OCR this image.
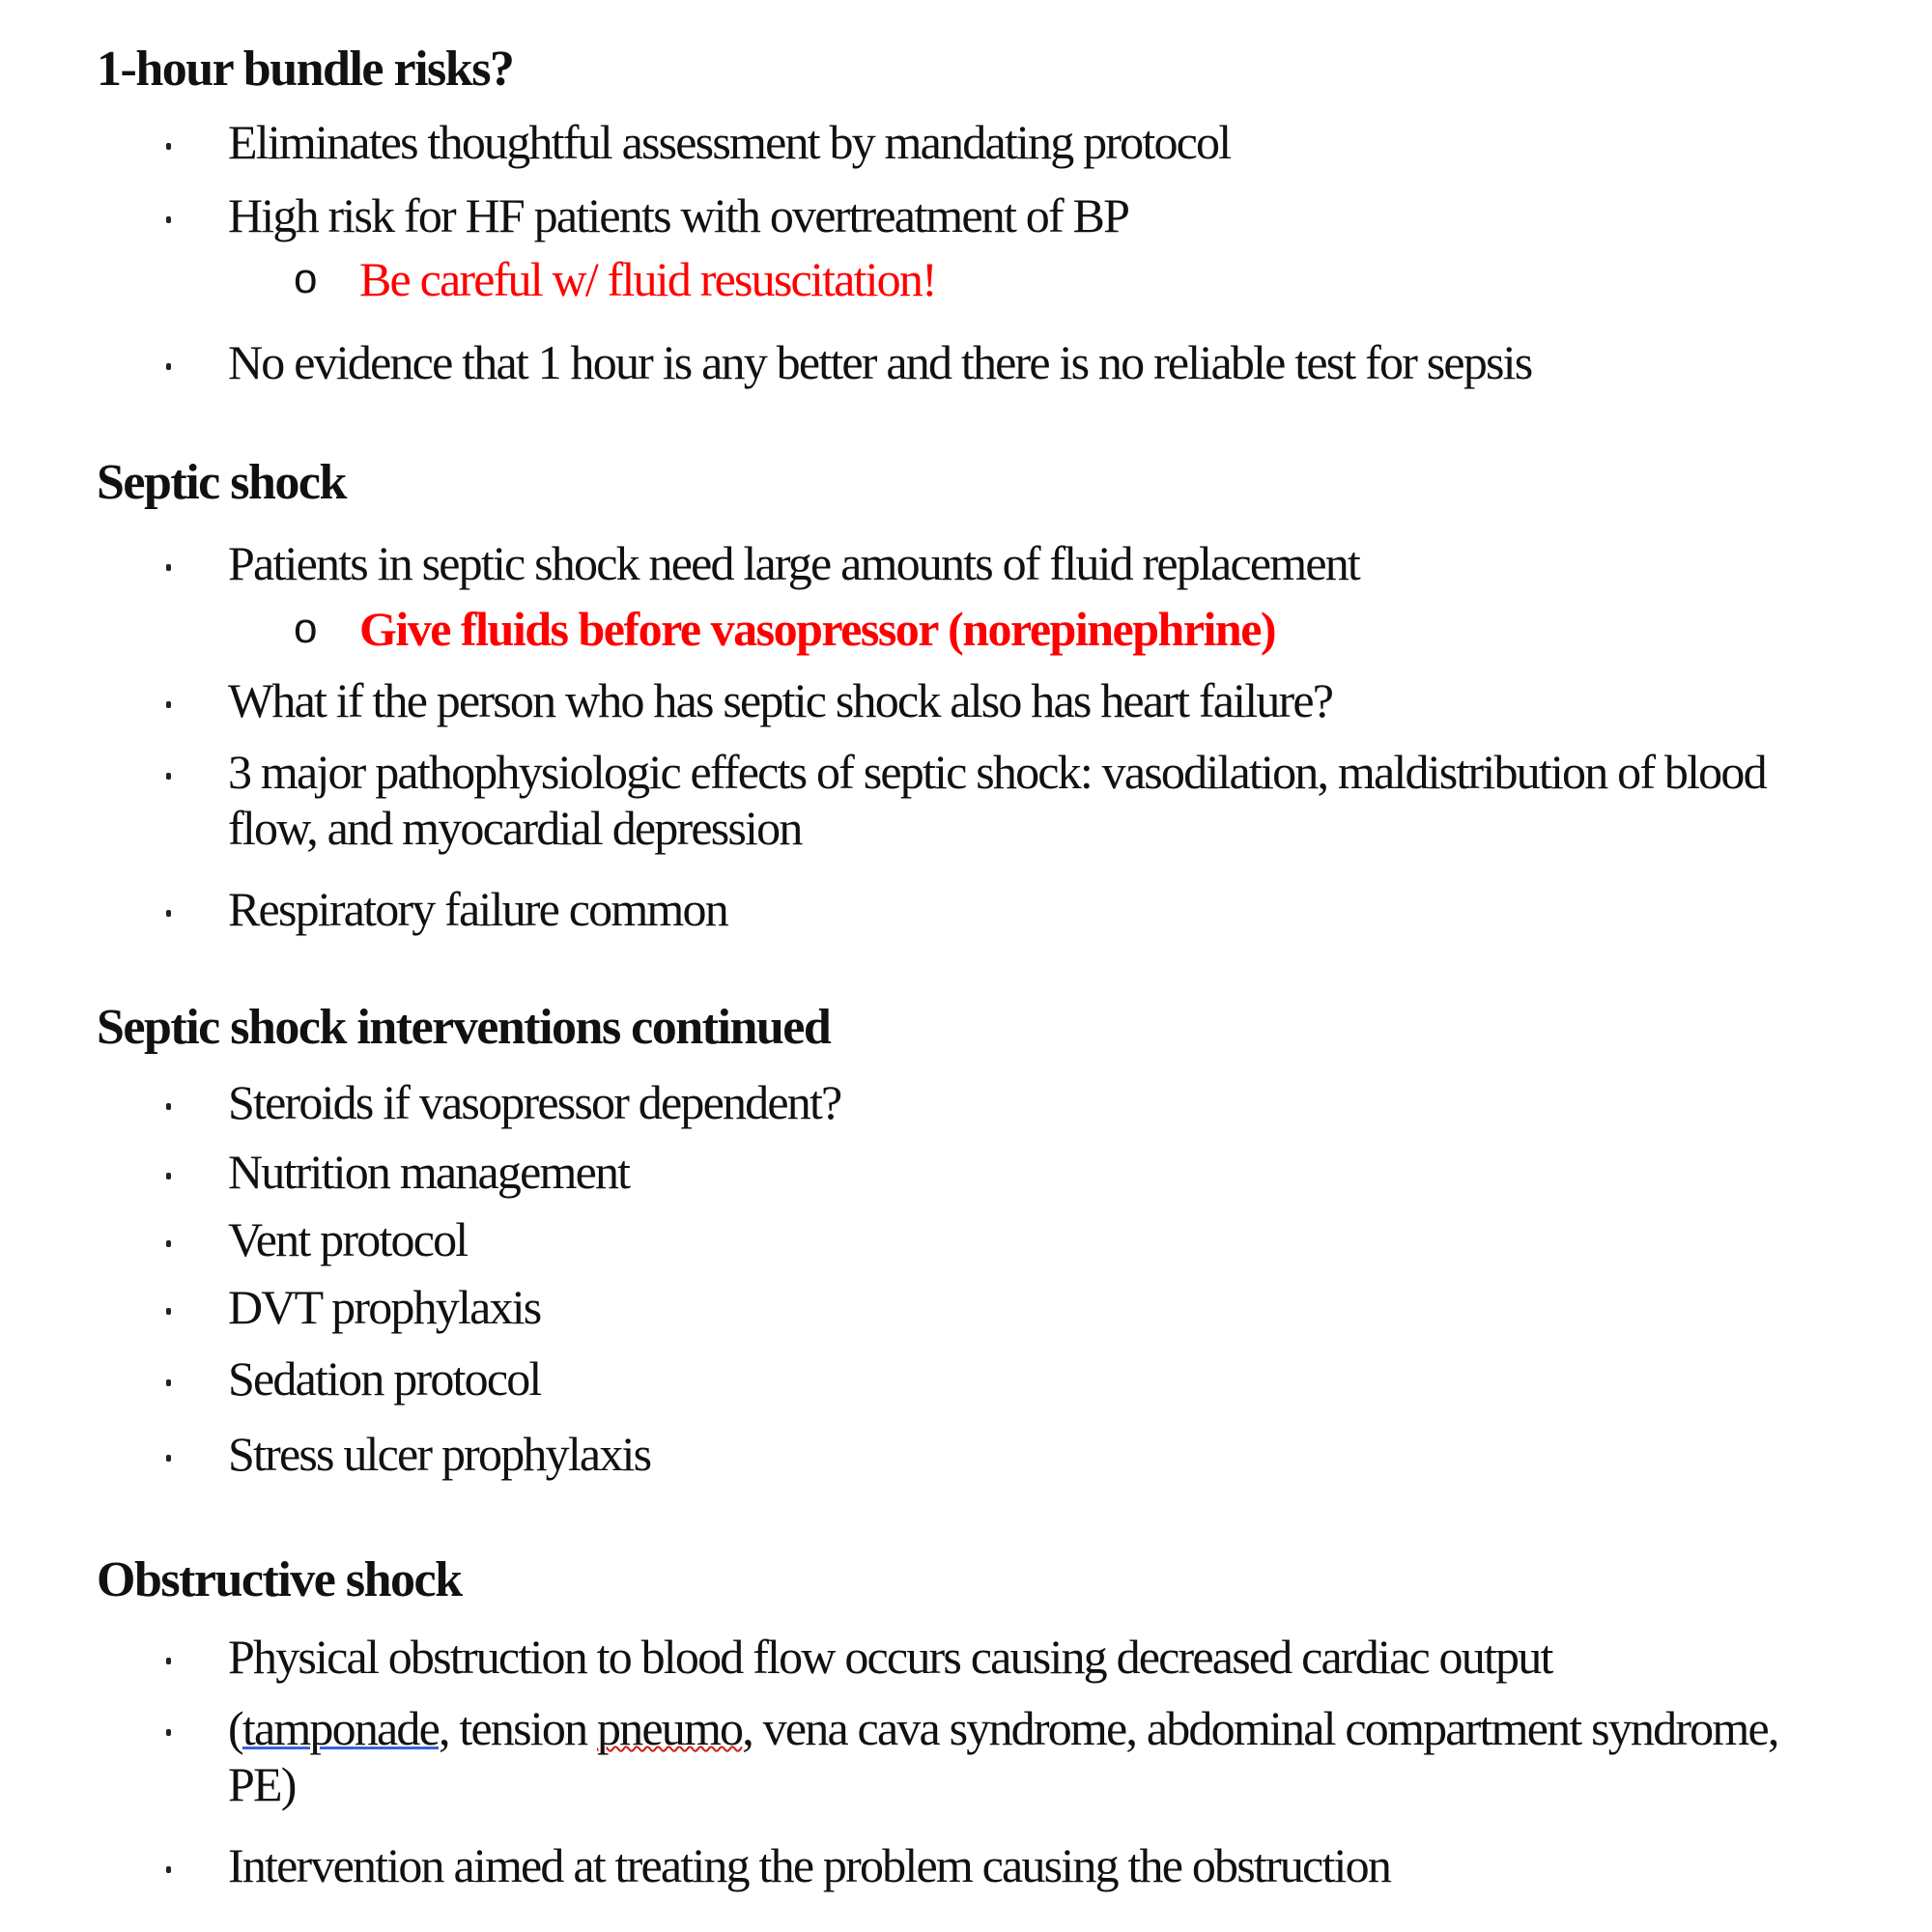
1-hour bundle risks?
Eliminates thoughtful assessment by mandating protocol
High risk for HF patients with overtreatment of BP
o Be careful w/ fluid resuscitation!
No evidence that 1 hour is any better and there is no reliable test for sepsis
Septic shock
Patients in septic shock need large amounts of fluid replacement
o Give fluids before vasopressor (norepinephrine)
What if the person who has septic shock also has heart failure?
3 major pathophysiologic effects of septic shock: vasodilation, maldistribution of blood flow, and myocardial depression
Respiratory failure common
Septic shock interventions continued
Steroids if vasopressor dependent?
Nutrition management
Vent protocol
DVT prophylaxis
Sedation protocol
Stress ulcer prophylaxis
Obstructive shock
Physical obstruction to blood flow occurs causing decreased cardiac output
(tamponade, tension pneumo, vena cava syndrome, abdominal compartment syndrome, PE)
Intervention aimed at treating the problem causing the obstruction
